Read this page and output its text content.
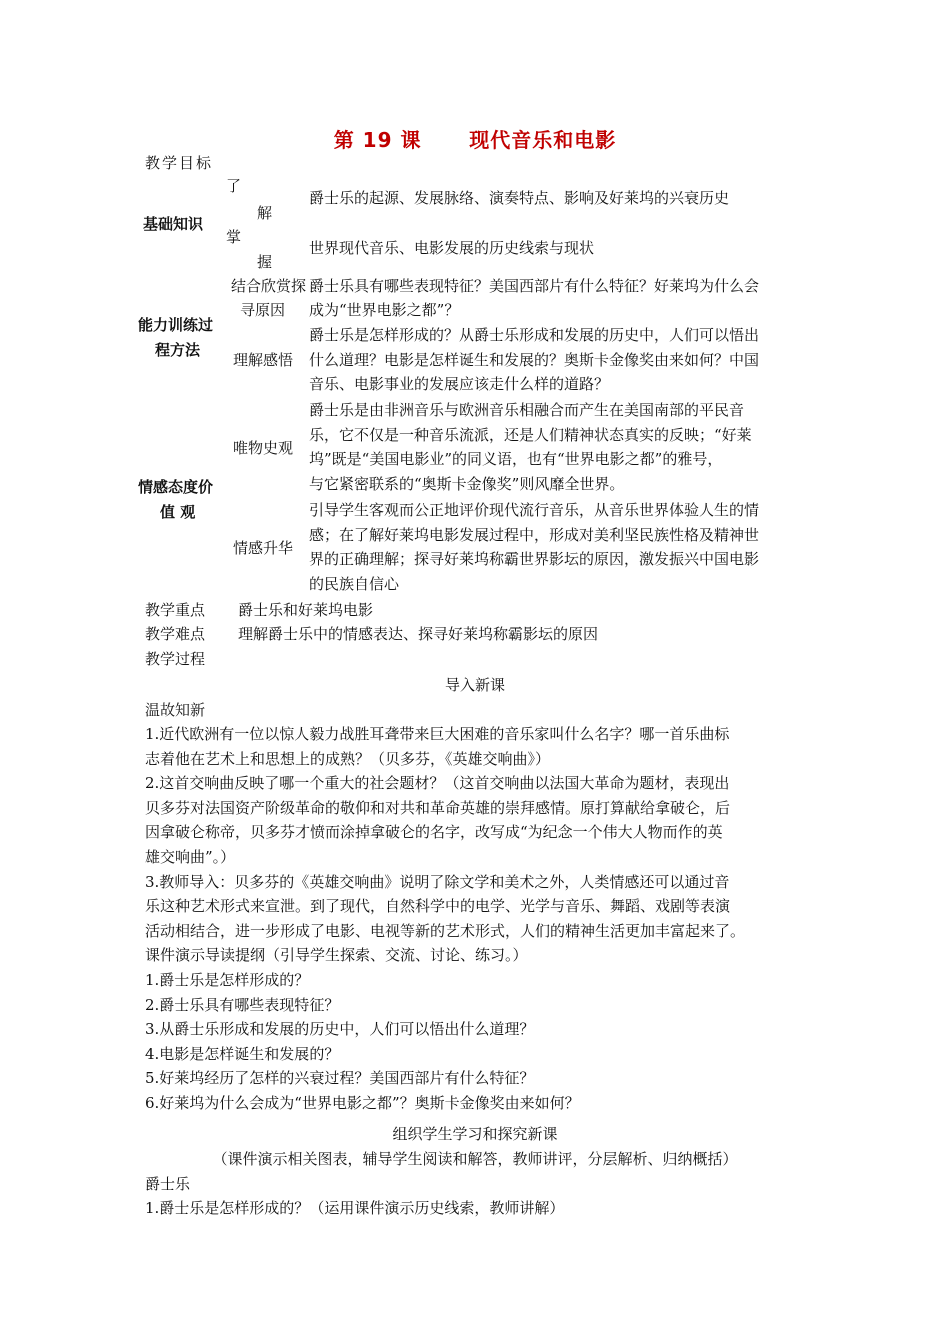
第 19 课      现代音乐和电影
教学目标
基础知识
了
解
掌
握
爵士乐的起源、发展脉络、演奏特点、影响及好莱坞的兴衰历史
世界现代音乐、电影发展的历史线索与现状
能力训练过
程方法
结合欣赏探
寻原因
爵士乐具有哪些表现特征？美国西部片有什么特征？好莱坞为什么会
成为“世界电影之都”？
理解感悟
爵士乐是怎样形成的？从爵士乐形成和发展的历史中，人们可以悟出
什么道理？电影是怎样诞生和发展的？奥斯卡金像奖由来如何？中国
音乐、电影事业的发展应该走什么样的道路？
情感态度价
值 观
唯物史观
爵士乐是由非洲音乐与欧洲音乐相融合而产生在美国南部的平民音
乐，它不仅是一种音乐流派，还是人们精神状态真实的反映；“好莱
坞”既是“美国电影业”的同义语，也有“世界电影之都”的雅号，
与它紧密联系的“奥斯卡金像奖”则风靡全世界。
情感升华
引导学生客观而公正地评价现代流行音乐，从音乐世界体验人生的情
感；在了解好莱坞电影发展过程中，形成对美利坚民族性格及精神世
界的正确理解；探寻好莱坞称霸世界影坛的原因，激发振兴中国电影
的民族自信心
教学重点 爵士乐和好莱坞电影
教学难点 理解爵士乐中的情感表达、探寻好莱坞称霸影坛的原因
教学过程
导入新课
温故知新
1.近代欧洲有一位以惊人毅力战胜耳聋带来巨大困难的音乐家叫什么名字？哪一首乐曲标
志着他在艺术上和思想上的成熟？（贝多芬，《英雄交响曲》）
2.这首交响曲反映了哪一个重大的社会题材？（这首交响曲以法国大革命为题材，表现出
贝多芬对法国资产阶级革命的敬仰和对共和革命英雄的崇拜感情。原打算献给拿破仑，后
因拿破仑称帝，贝多芬才愤而涂掉拿破仑的名字，改写成“为纪念一个伟大人物而作的英
雄交响曲”。）
3.教师导入：贝多芬的《英雄交响曲》说明了除文学和美术之外，人类情感还可以通过音
乐这种艺术形式来宣泄。到了现代，自然科学中的电学、光学与音乐、舞蹈、戏剧等表演
活动相结合，进一步形成了电影、电视等新的艺术形式，人们的精神生活更加丰富起来了。
课件演示导读提纲（引导学生探索、交流、讨论、练习。）
1.爵士乐是怎样形成的？
2.爵士乐具有哪些表现特征？
3.从爵士乐形成和发展的历史中，人们可以悟出什么道理？
4.电影是怎样诞生和发展的？
5.好莱坞经历了怎样的兴衰过程？美国西部片有什么特征？
6.好莱坞为什么会成为“世界电影之都”？奥斯卡金像奖由来如何？
组织学生学习和探究新课
（课件演示相关图表，辅导学生阅读和解答，教师讲评，分层解析、归纳概括）
爵士乐
1.爵士乐是怎样形成的？（运用课件演示历史线索，教师讲解）
